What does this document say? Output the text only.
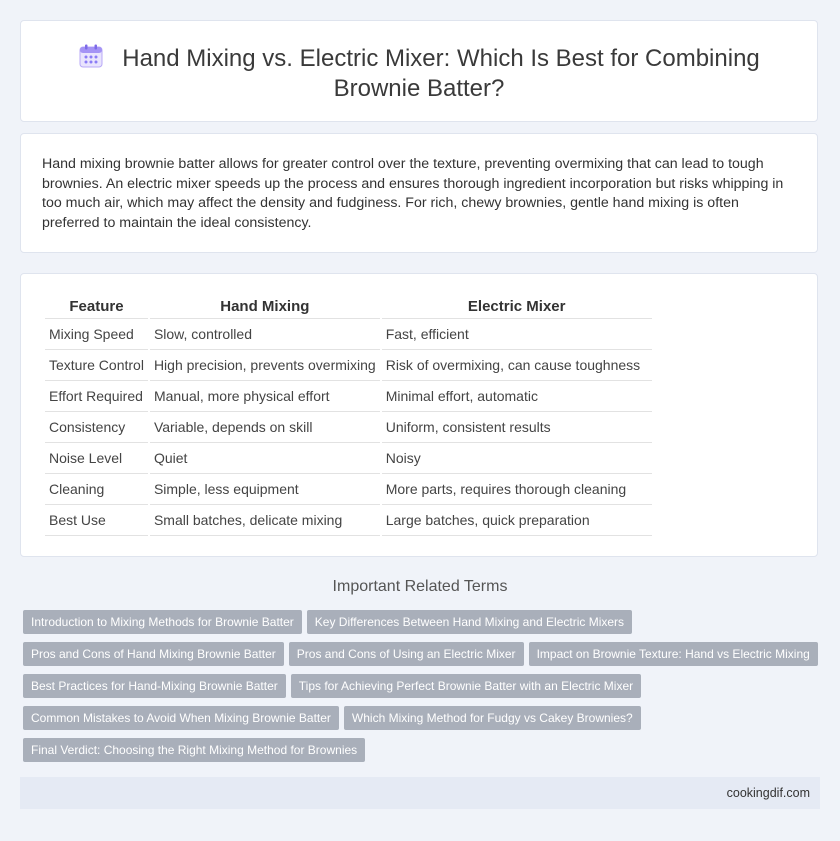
Hand Mixing vs. Electric Mixer: Which Is Best for Combining
Brownie Batter?
Hand mixing brownie batter allows for greater control over the texture, preventing overmixing that can lead to tough brownies. An electric mixer speeds up the process and ensures thorough ingredient incorporation but risks whipping in too much air, which may affect the density and fudginess. For rich, chewy brownies, gentle hand mixing is often preferred to maintain the ideal consistency.
Feature	Hand Mixing	Electric Mixer
Mixing Speed	Slow, controlled	Fast, efficient
Texture Control	High precision, prevents overmixing	Risk of overmixing, can cause toughness
Effort Required	Manual, more physical effort	Minimal effort, automatic
Consistency	Variable, depends on skill	Uniform, consistent results
Noise Level	Quiet	Noisy
Cleaning	Simple, less equipment	More parts, requires thorough cleaning
Best Use	Small batches, delicate mixing	Large batches, quick preparation
Important Related Terms
Introduction to Mixing Methods for Brownie Batter Key Differences Between Hand Mixing and Electric Mixers
Pros and Cons of Hand Mixing Brownie Batter Pros and Cons of Using an Electric Mixer Impact on Brownie Texture: Hand vs Electric Mixing
Best Practices for Hand-Mixing Brownie Batter Tips for Achieving Perfect Brownie Batter with an Electric Mixer
Common Mistakes to Avoid When Mixing Brownie Batter Which Mixing Method for Fudgy vs Cakey Brownies?
Final Verdict: Choosing the Right Mixing Method for Brownies
cookingdif.com
